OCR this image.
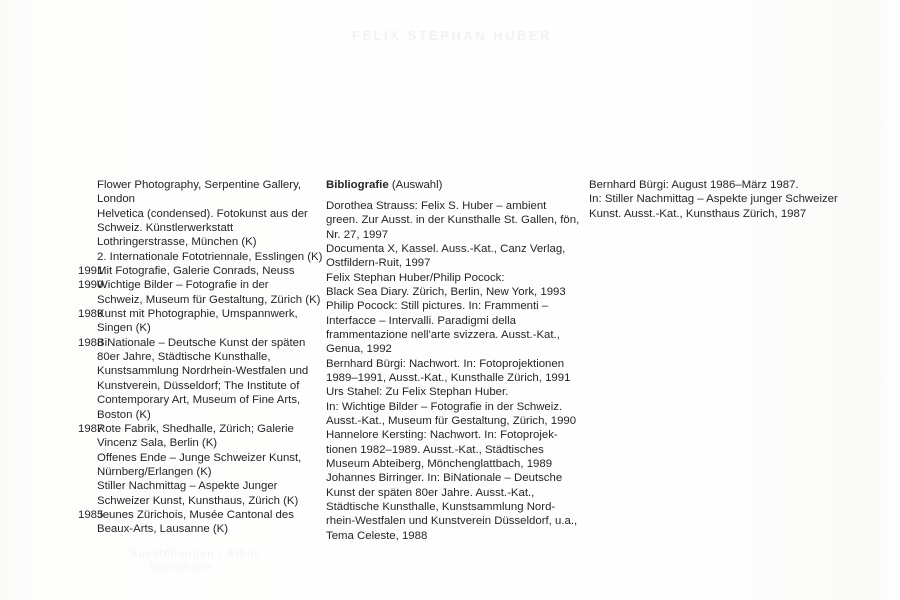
Flower Photography, Serpentine Gallery,
London
Helvetica (condensed). Fotokunst aus der
Schweiz. Künstlerwerkstatt
Lothringerstrasse, München (K)
2. Internationale Fototriennale, Esslingen (K)
1991
Mit Fotografie, Galerie Conrads, Neuss
1990
Wichtige Bilder – Fotografie in der
Schweiz, Museum für Gestaltung, Zürich (K)
1989
Kunst mit Photographie, Umspannwerk,
Singen (K)
1988
BiNationale – Deutsche Kunst der späten
80er Jahre, Städtische Kunsthalle,
Kunstsammlung Nordrhein-Westfalen und
Kunstverein, Düsseldorf; The Institute of
Contemporary Art, Museum of Fine Arts,
Boston (K)
1987
Rote Fabrik, Shedhalle, Zürich; Galerie
Vincenz Sala, Berlin (K)
Offenes Ende – Junge Schweizer Kunst,
Nürnberg/Erlangen (K)
Stiller Nachmittag – Aspekte Junger
Schweizer Kunst, Kunsthaus, Zürich (K)
1985
Jeunes Zürichois, Musée Cantonal des
Beaux-Arts, Lausanne (K)
Bibliografie (Auswahl)
Dorothea Strauss: Felix S. Huber – ambient
green. Zur Ausst. in der Kunsthalle St. Gallen, fön,
Nr. 27, 1997
Documenta X, Kassel. Auss.-Kat., Canz Verlag,
Ostfildern-Ruit, 1997
Felix Stephan Huber/Philip Pocock:
Black Sea Diary. Zürich, Berlin, New York, 1993
Philip Pocock: Still pictures. In: Frammenti –
Interfacce – Intervalli. Paradigmi della
frammentazione nell'arte svizzera. Ausst.-Kat.,
Genua, 1992
Bernhard Bürgi: Nachwort. In: Fotoprojektionen
1989–1991, Ausst.-Kat., Kunsthalle Zürich, 1991
Urs Stahel: Zu Felix Stephan Huber.
In: Wichtige Bilder – Fotografie in der Schweiz.
Ausst.-Kat., Museum für Gestaltung, Zürich, 1990
Hannelore Kersting: Nachwort. In: Fotoprojek-
tionen 1982–1989. Ausst.-Kat., Städtisches
Museum Abteiberg, Mönchenglattbach, 1989
Johannes Birringer. In: BiNationale – Deutsche
Kunst der späten 80er Jahre. Ausst.-Kat.,
Städtische Kunsthalle, Kunstsammlung Nord-
rhein-Westfalen und Kunstverein Düsseldorf, u.a.,
Tema Celeste, 1988
Bernhard Bürgi: August 1986–März 1987.
In: Stiller Nachmittag – Aspekte junger Schweizer
Kunst. Ausst.-Kat., Kunsthaus Zürich, 1987
